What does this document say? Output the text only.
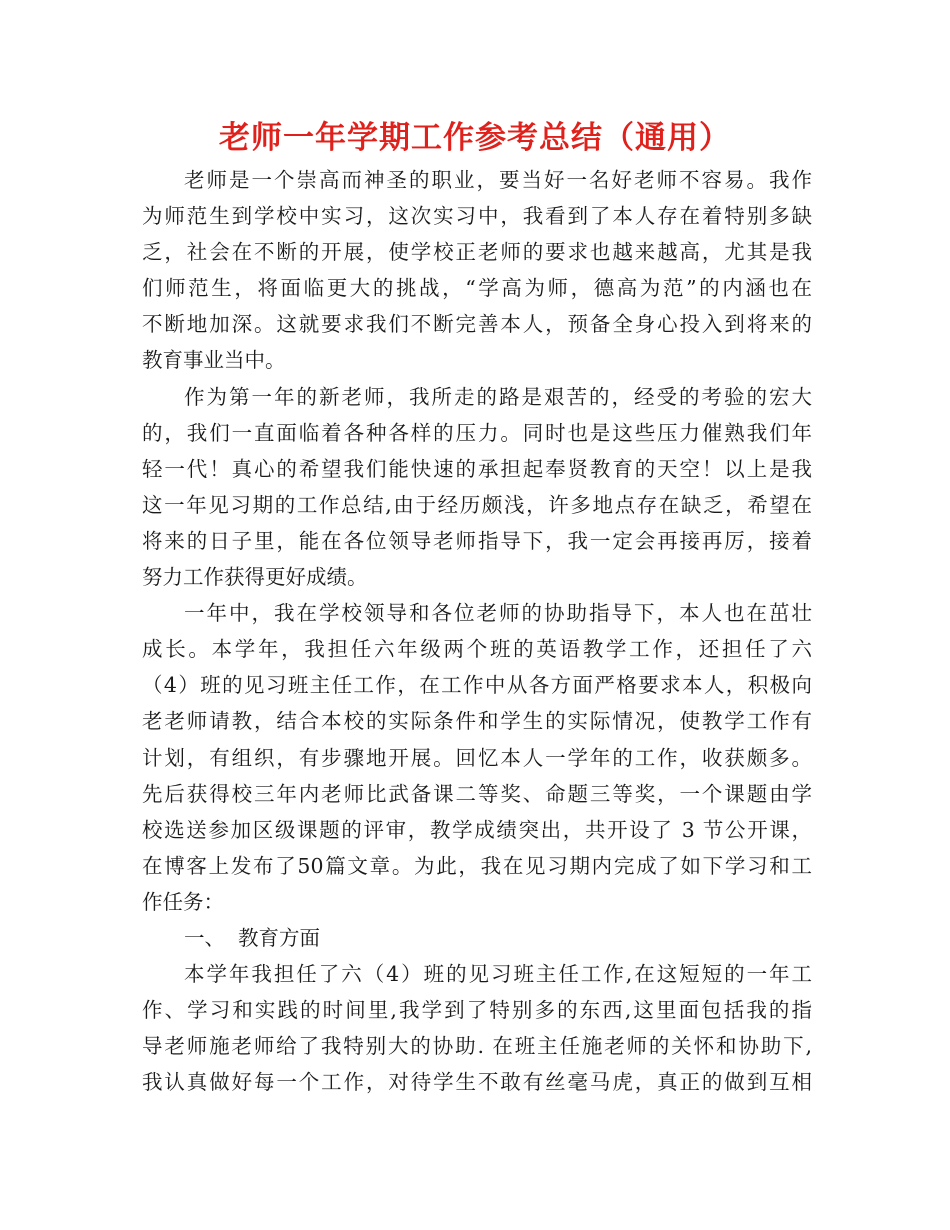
老师一年学期工作参考总结（通用）
老师是一个崇高而神圣的职业，要当好一名好老师不容易。我作
为师范生到学校中实习，这次实习中，我看到了本人存在着特别多缺
乏，社会在不断的开展，使学校正老师的要求也越来越高，尤其是我
们师范生，将面临更大的挑战，“学高为师，德高为范”的内涵也在
不断地加深。这就要求我们不断完善本人，预备全身心投入到将来的
教育事业当中。
作为第一年的新老师，我所走的路是艰苦的，经受的考验的宏大
的，我们一直面临着各种各样的压力。同时也是这些压力催熟我们年
轻一代！真心的希望我们能快速的承担起奉贤教育的天空！以上是我
这一年见习期的工作总结,由于经历颇浅，许多地点存在缺乏，希望在
将来的日子里，能在各位领导老师指导下，我一定会再接再厉，接着
努力工作获得更好成绩。
一年中，我在学校领导和各位老师的协助指导下，本人也在茁壮
成长。本学年，我担任六年级两个班的英语教学工作，还担任了六
（4）班的见习班主任工作，在工作中从各方面严格要求本人，积极向
老老师请教，结合本校的实际条件和学生的实际情况，使教学工作有
计划，有组织，有步骤地开展。回忆本人一学年的工作，收获颇多。
先后获得校三年内老师比武备课二等奖、命题三等奖，一个课题由学
校选送参加区级课题的评审，教学成绩突出，共开设了 3 节公开课，
在博客上发布了50篇文章。为此，我在见习期内完成了如下学习和工
作任务：
一、  教育方面
本学年我担任了六（4）班的见习班主任工作,在这短短的一年工
作、学习和实践的时间里,我学到了特别多的东西,这里面包括我的指
导老师施老师给了我特别大的协助. 在班主任施老师的关怀和协助下,
我认真做好每一个工作，对待学生不敢有丝毫马虎，真正的做到互相
